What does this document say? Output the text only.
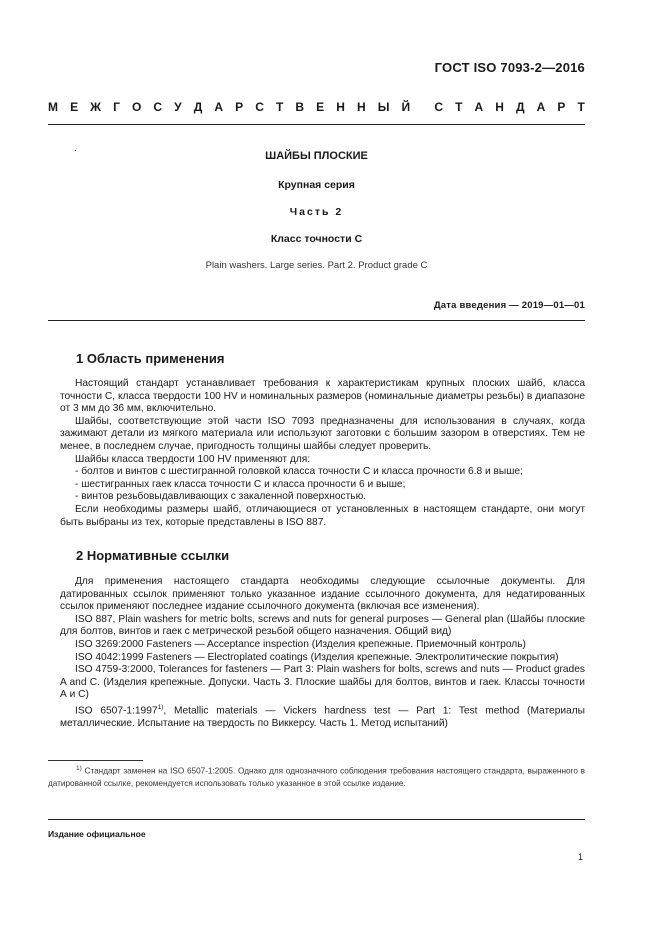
ГОСТ ISO 7093-2—2016
М Е Ж Г О С У Д А Р С Т В Е Н Н Ы Й С Т А Н Д А Р Т
·	ШАЙБЫ ПЛОСКИЕ
Крупная серия
Часть 2
Класс точности С
Plain washers. Large series. Part 2. Product grade C
Дата введения — 2019—01—01
1 Область применения

Настоящий стандарт устанавливает требования к характеристикам крупных плоских шайб, класса точности С, класса твердости 100 HV и номинальных размеров (номинальные диаметры резьбы) в диапазоне от 3 мм до 36 мм, включительно.

Шайбы, соответствующие этой части ISO 7093 предназначены для использования в случаях, когда зажимают детали из мягкого материала или используют заготовки с большим зазором в отверстиях. Тем не менее, в последнем случае, пригодность толщины шайбы следует проверить.

Шайбы класса твердости 100 HV применяют для:

- болтов и винтов с шестигранной головкой класса точности С и класса прочности 6.8 и выше;

- шестигранных гаек класса точности С и класса прочности 6 и выше;

- винтов резьбовыдавливающих с закаленной поверхностью.

Если необходимы размеры шайб, отличающиеся от установленных в настоящем стандарте, они могут быть выбраны из тех, которые представлены в ISO 887.

2 Нормативные ссылки

Для применения настоящего стандарта необходимы следующие ссылочные документы. Для датированных ссылок применяют только указанное издание ссылочного документа, для недатированных ссылок применяют последнее издание ссылочного документа (включая все изменения).

ISO 887, Plain washers for metric bolts, screws and nuts for general purposes — General plan (Шайбы плоские для болтов, винтов и гаек с метрической резьбой общего назначения. Общий вид)

ISO 3269:2000 Fasteners — Acceptance inspection (Изделия крепежные. Приемочный контроль)

ISO 4042:1999 Fasteners — Electroplated coatings (Изделия крепежные. Электролитические покрытия)

ISO 4759-3:2000, Tolerances for fasteners — Part 3: Plain washers for bolts, screws and nuts — Product grades A and C. (Изделия крепежные. Допуски. Часть 3. Плоские шайбы для болтов, винтов и гаек. Классы точности А и С)

ISO 6507-1:1997$^{1)}$, Metallic materials — Vickers hardness test — Part 1: Test method (Материалы металлические. Испытание на твердость по Виккерсу. Часть 1. Метод испытаний)

$^{1)}$ Стандарт заменен на ISO 6507-1:2005. Однако для однозначного соблюдения требования настоящего стандарта, выраженного в датированной ссылке, рекомендуется использовать только указанное в этой ссылке издание.

Издание официальное
1
